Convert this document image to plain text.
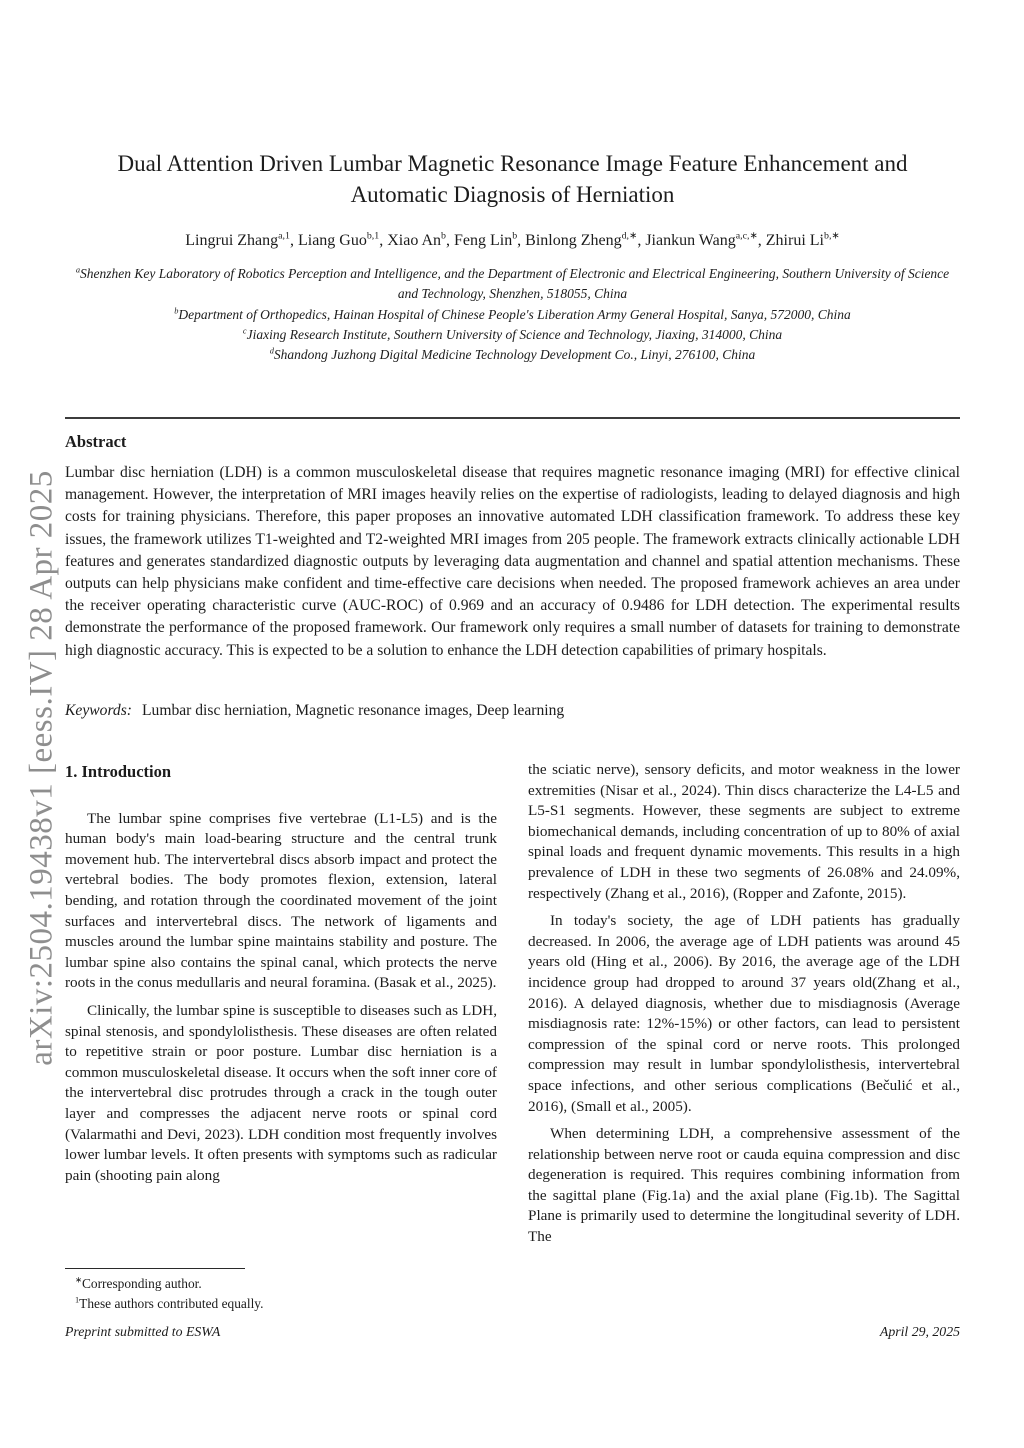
arXiv:2504.19438v1 [eess.IV] 28 Apr 2025
Dual Attention Driven Lumbar Magnetic Resonance Image Feature Enhancement and Automatic Diagnosis of Herniation
Lingrui Zhang$^{a,1}$, Liang Guo$^{b,1}$, Xiao An$^b$, Feng Lin$^b$, Binlong Zheng$^{d,∗}$, Jiankun Wang$^{a,c,∗}$, Zhirui $Li^{b,∗}$

$^a$Shenzhen Key Laboratory of Robotics Perception and Intelligence, and the Department of Electronic and Electrical Engineering, Southern University of Science and Technology, Shenzhen, 518055, China

$^b$Department of Orthopedics, Hainan Hospital of Chinese People's Liberation Army General Hospital, Sanya, 572000, China

$^c$Jiaxing Research Institute, Southern University of Science and Technology, Jiaxing, 314000, China

$^d$Shandong Juzhong Digital Medicine Technology Development Co., Linyi, 276100, China

Abstract

Lumbar disc herniation (LDH) is a common musculoskeletal disease that requires magnetic resonance imaging (MRI) for effective clinical management. However, the interpretation of MRI images heavily relies on the expertise of radiologists, leading to delayed diagnosis and high costs for training physicians. Therefore, this paper proposes an innovative automated LDH classification framework. To address these key issues, the framework utilizes T1-weighted and T2-weighted MRI images from 205 people. The framework extracts clinically actionable LDH features and generates standardized diagnostic outputs by leveraging data augmentation and channel and spatial attention mechanisms. These outputs can help physicians make confident and time-effective care decisions when needed. The proposed framework achieves an area under the receiver operating characteristic curve (AUC-ROC) of 0.969 and an accuracy of 0.9486 for LDH detection. The experimental results demonstrate the performance of the proposed framework. Our framework only requires a small number of datasets for training to demonstrate high diagnostic accuracy. This is expected to be a solution to enhance the LDH detection capabilities of primary hospitals.

Keywords: Lumbar disc herniation, Magnetic resonance images, Deep learning
1. Introduction

The lumbar spine comprises five vertebrae (L1-L5) and is the human body's main load-bearing structure and the central trunk movement hub. The intervertebral discs absorb impact and protect the vertebral bodies. The body promotes flexion, extension, lateral bending, and rotation through the coordinated movement of the joint surfaces and intervertebral discs. The network of ligaments and muscles around the lumbar spine maintains stability and posture. The lumbar spine also contains the spinal canal, which protects the nerve roots in the conus medullaris and neural foramina. (Basak et al., 2025).

Clinically, the lumbar spine is susceptible to diseases such as LDH, spinal stenosis, and spondylolisthesis. These diseases are often related to repetitive strain or poor posture. Lumbar disc herniation is a common musculoskeletal disease. It occurs when the soft inner core of the intervertebral disc protrudes through a crack in the tough outer layer and compresses the adjacent nerve roots or spinal cord (Valarmathi and Devi, 2023). LDH condition most frequently involves lower lumbar levels. It often presents with symptoms such as radicular pain (shooting pain along

the sciatic nerve), sensory deficits, and motor weakness in the lower extremities (Nisar et al., 2024). Thin discs characterize the L4-L5 and L5-S1 segments. However, these segments are subject to extreme biomechanical demands, including concentration of up to 80% of axial spinal loads and frequent dynamic movements. This results in a high prevalence of LDH in these two segments of 26.08% and 24.09%, respectively (Zhang et al., 2016), (Ropper and Zafonte, 2015).

In today's society, the age of LDH patients has gradually decreased. In 2006, the average age of LDH patients was around 45 years old (Hing et al., 2006). By 2016, the average age of the LDH incidence group had dropped to around 37 years old(Zhang et al., 2016). A delayed diagnosis, whether due to misdiagnosis (Average misdiagnosis rate: 12%-15%) or other factors, can lead to persistent compression of the spinal cord or nerve roots. This prolonged compression may result in lumbar spondylolisthesis, intervertebral space infections, and other serious complications (Bečulić et al., 2016), (Small et al., 2005).

When determining LDH, a comprehensive assessment of the relationship between nerve root or cauda equina compression and disc degeneration is required. This requires combining information from the sagittal plane (Fig.1a) and the axial plane (Fig.1b). The Sagittal Plane is primarily used to determine the longitudinal severity of LDH. The

∗Corresponding author.

$^1$These authors contributed equally.

Preprint submitted to ESWA	April 29, 2025
